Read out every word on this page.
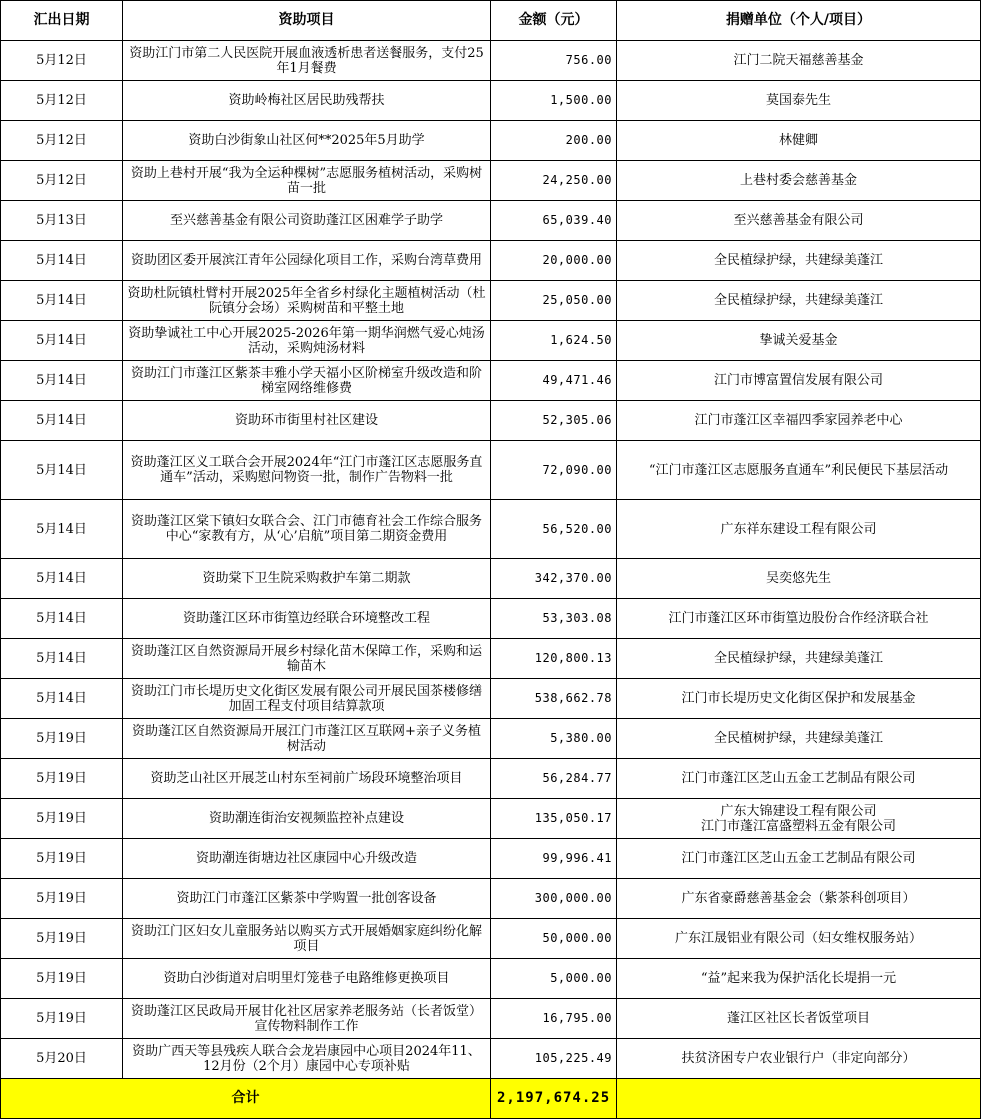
汇出日期	资助项目	金额（元）	捐赠单位（个人/项目）
5月12日	资助江门市第二人民医院开展血液透析患者送餐服务，支付25年1月餐费	756.00	江门二院天福慈善基金
5月12日	资助岭梅社区居民助残帮扶	1,500.00	莫国泰先生
5月12日	资助白沙街象山社区何**2025年5月助学	200.00	林健卿
5月12日	资助上巷村开展“我为全运种棵树”志愿服务植树活动，采购树苗一批	24,250.00	上巷村委会慈善基金
5月13日	至兴慈善基金有限公司资助蓬江区困难学子助学	65,039.40	至兴慈善基金有限公司
5月14日	资助团区委开展滨江青年公园绿化项目工作，采购台湾草费用	20,000.00	全民植绿护绿，共建绿美蓬江
5月14日	资助杜阮镇杜臂村开展2025年全省乡村绿化主题植树活动（杜阮镇分会场）采购树苗和平整土地	25,050.00	全民植绿护绿，共建绿美蓬江
5月14日	资助挚诚社工中心开展2025-2026年第一期华润燃气爱心炖汤活动，采购炖汤材料	1,624.50	挚诚关爱基金
5月14日	资助江门市蓬江区紫茶丰雅小学天福小区阶梯室升级改造和阶梯室网络维修费	49,471.46	江门市博富置信发展有限公司
5月14日	资助环市街里村社区建设	52,305.06	江门市蓬江区幸福四季家园养老中心
5月14日	资助蓬江区义工联合会开展2024年“江门市蓬江区志愿服务直通车”活动，采购慰问物资一批，制作广告物料一批	72,090.00	“江门市蓬江区志愿服务直通车”利民便民下基层活动
5月14日	资助蓬江区棠下镇妇女联合会、江门市德育社会工作综合服务中心“家教有方，从‘心’启航”项目第二期资金费用	56,520.00	广东祥东建设工程有限公司
5月14日	资助棠下卫生院采购救护车第二期款	342,370.00	吴奕悠先生
5月14日	资助蓬江区环市街篁边经联合环境整改工程	53,303.08	江门市蓬江区环市街篁边股份合作经济联合社
5月14日	资助蓬江区自然资源局开展乡村绿化苗木保障工作，采购和运输苗木	120,800.13	全民植绿护绿，共建绿美蓬江
5月14日	资助江门市长堤历史文化街区发展有限公司开展民国茶楼修缮加固工程支付项目结算款项	538,662.78	江门市长堤历史文化街区保护和发展基金
5月19日	资助蓬江区自然资源局开展江门市蓬江区互联网+亲子义务植树活动	5,380.00	全民植树护绿，共建绿美蓬江
5月19日	资助芝山社区开展芝山村东至祠前广场段环境整治项目	56,284.77	江门市蓬江区芝山五金工艺制品有限公司
5月19日	资助潮连街治安视频监控补点建设	135,050.17	广东大锦建设工程有限公司
江门市蓬江富盛塑料五金有限公司
5月19日	资助潮连街塘边社区康园中心升级改造	99,996.41	江门市蓬江区芝山五金工艺制品有限公司
5月19日	资助江门市蓬江区紫茶中学购置一批创客设备	300,000.00	广东省豪爵慈善基金会（紫茶科创项目）
5月19日	资助江门区妇女儿童服务站以购买方式开展婚姻家庭纠纷化解项目	50,000.00	广东江晟铝业有限公司（妇女维权服务站）
5月19日	资助白沙街道对启明里灯笼巷子电路维修更换项目	5,000.00	“益”起来我为保护活化长堤捐一元
5月19日	资助蓬江区民政局开展甘化社区居家养老服务站（长者饭堂）宣传物料制作工作	16,795.00	蓬江区社区长者饭堂项目
5月20日	资助广西天等县残疾人联合会龙岩康园中心项目2024年11、12月份（2个月）康园中心专项补贴	105,225.49	扶贫济困专户农业银行户（非定向部分）
合计		2,197,674.25	
